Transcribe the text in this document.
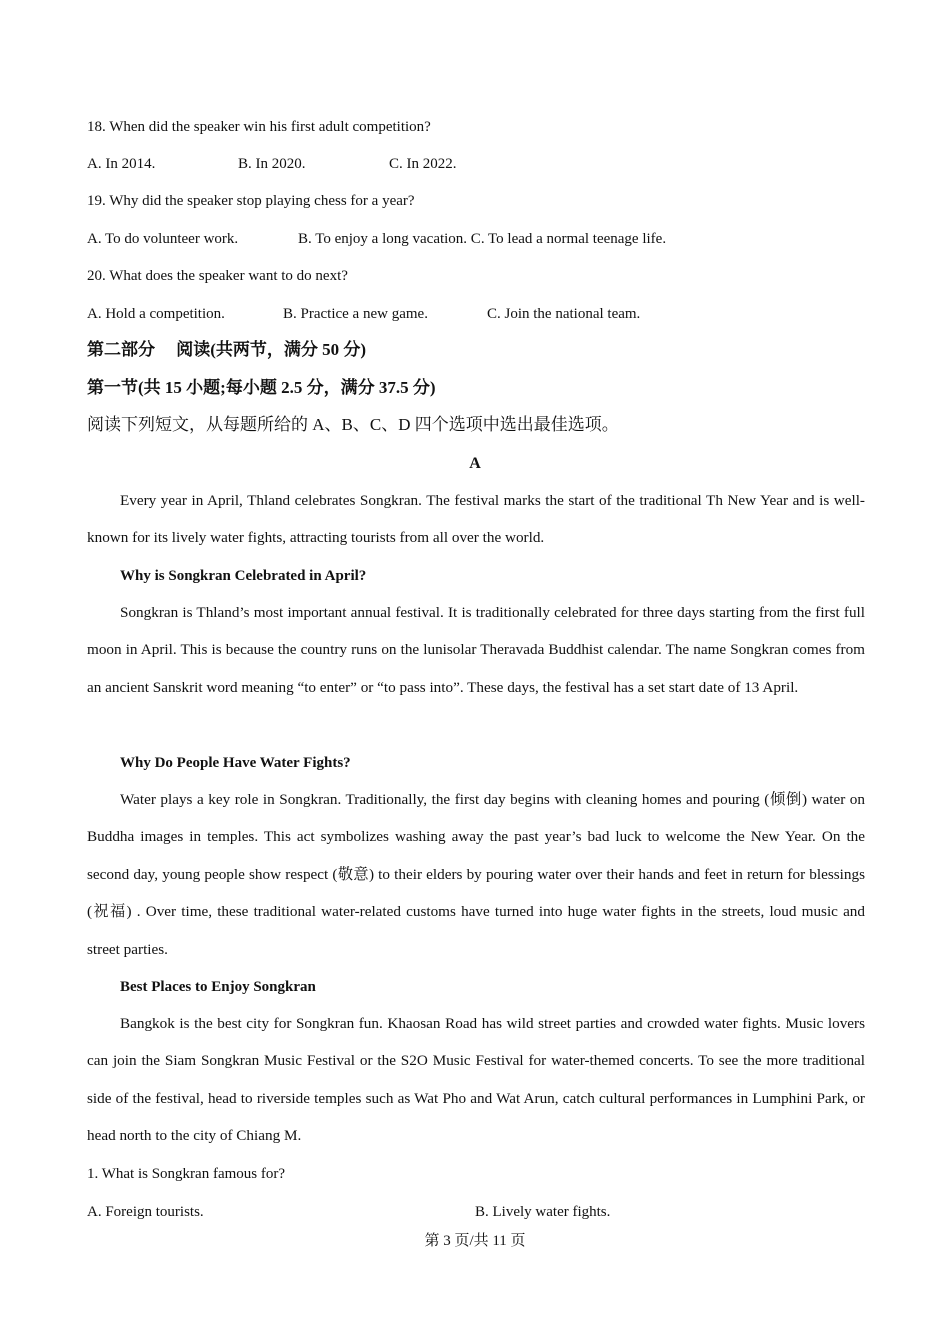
18. When did the speaker win his first adult competition?
A. In 2014.	B. In 2020.	C. In 2022.
19. Why did the speaker stop playing chess for a year?
A. To do volunteer work.	B. To enjoy a long vacation. C. To lead a normal teenage life.
20. What does the speaker want to do next?
A. Hold a competition.	B. Practice a new game.	C. Join the national team.
第二部分　 阅读(共两节，满分 50 分)
第一节(共 15 小题;每小题 2.5 分，满分 37.5 分)
阅读下列短文，从每题所给的 A、B、C、D 四个选项中选出最佳选项。
A
Every year in April, Thland celebrates Songkran. The festival marks the start of the traditional Th New Year and is well-known for its lively water fights, attracting tourists from all over the world.
Why is Songkran Celebrated in April?
Songkran is Thland’s most important annual festival. It is traditionally celebrated for three days starting from the first full moon in April. This is because the country runs on the lunisolar Theravada Buddhist calendar. The name Songkran comes from an ancient Sanskrit word meaning “to enter” or “to pass into”. These days, the festival has a set start date of 13 April.
Why Do People Have Water Fights?
Water plays a key role in Songkran. Traditionally, the first day begins with cleaning homes and pouring (倾倒) water on Buddha images in temples. This act symbolizes washing away the past year’s bad luck to welcome the New Year. On the second day, young people show respect (敬意) to their elders by pouring water over their hands and feet in return for blessings (祝福) . Over time, these traditional water-related customs have turned into huge water fights in the streets, loud music and street parties.
Best Places to Enjoy Songkran
Bangkok is the best city for Songkran fun. Khaosan Road has wild street parties and crowded water fights. Music lovers can join the Siam Songkran Music Festival or the S2O Music Festival for water-themed concerts. To see the more traditional side of the festival, head to riverside temples such as Wat Pho and Wat Arun, catch cultural performances in Lumphini Park, or head north to the city of Chiang M.
1. What is Songkran famous for?
A. Foreign tourists.	B. Lively water fights.
第 3 页/共 11 页
